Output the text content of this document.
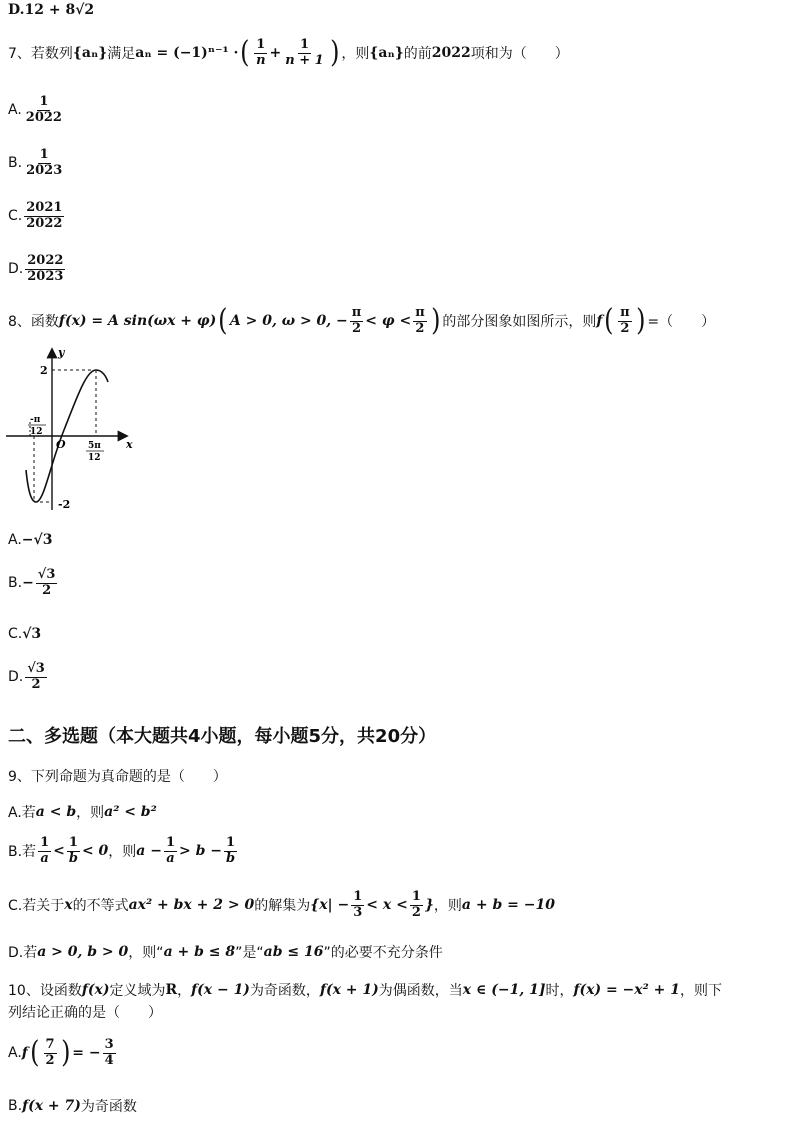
D.12 + 8√2
7、 若数列 {aₙ} 满足 aₙ = (−1)ⁿ⁻¹ · ( $\frac{1}{n} + \frac{1}{n + 1}$ ) ，则 {aₙ} 的前 2022 项和为（　　）
A. $\frac{1}{2022}$
B. $\frac{1}{2023}$
C. $\frac{2021}{2022}$
D. $\frac{2022}{2023}$
8、 函数 f(x) = A sin(ωx + φ) ( A > 0, ω > 0, − $\frac{\pi}{2} < \varphi < \frac{\pi}{2}$ ) 的部分图象如图所示，则 f ( $\frac{\pi}{2}$ ) =（　　）
y
x
O
2
-2
-π
12
5π
12
A. −√3
B. − $\frac{√3}{2}$
C. √3
D. $\frac{√3}{2}$
二、多选题（本大题共4小题，每小题5分，共20分）
9、 下列命题为真命题的是（　　）
A.若 a < b ，则 a² < b²
B.若 $\frac{1}{a} < \frac{1}{b} < 0$ ，则 $a - \frac{1}{a} > b - \frac{1}{b}$
C.若关于 x 的不等式 ax² + bx + 2 > 0 的解集为 {$x| - \frac{1}{3} < x < \frac{1}{2}$ } ，则 a + b = −10
D.若 a > 0, b > 0 ，则“ a + b ≤ 8 ”是“ ab ≤ 16 ”的必要不充分条件
10、 设函数 f(x) 定义域为 R ， f(x − 1) 为奇函数， f(x + 1) 为偶函数，当 x ∈ (−1, 1] 时， f(x) = −x² + 1 ，则下
列结论正确的是（　　）
A. f ( $\frac{7}{2}$ ) = − $\frac{3}{4}$
B. f(x + 7) 为奇函数
